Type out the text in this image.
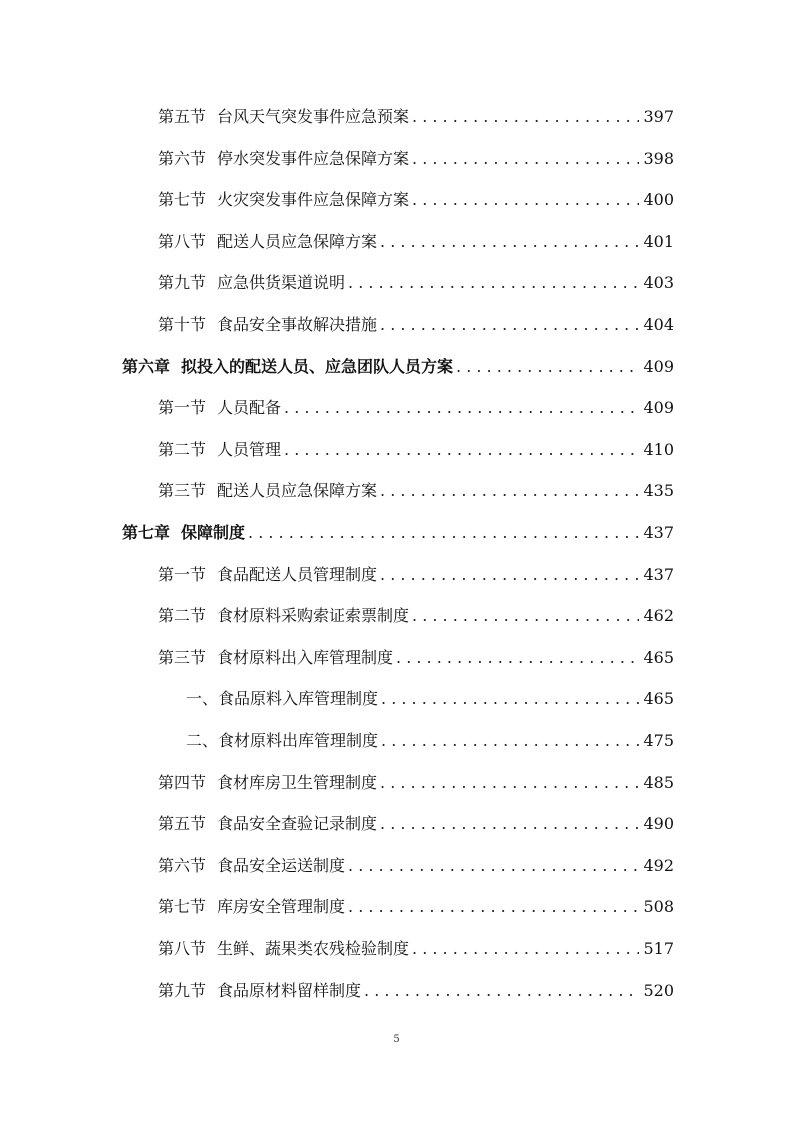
第五节 台风天气突发事件应急预案 . . .	397
第六节 停水突发事件应急保障方案 . . .	398
第七节 火灾突发事件应急保障方案 . . .	400
第八节 配送人员应急保障方案 . . .	401
第九节 应急供货渠道说明 . . .	403
第十节 食品安全事故解决措施 . . .	404
第六章 拟投入的配送人员、应急团队人员方案 . . .	409
第一节 人员配备 . . .	409
第二节 人员管理 . . .	410
第三节 配送人员应急保障方案 . . .	435
第七章 保障制度 . . .	437
第一节 食品配送人员管理制度 . . .	437
第二节 食材原料采购索证索票制度 . . .	462
第三节 食材原料出入库管理制度 . . .	465
一、食品原料入库管理制度 . . .	465
二、食材原料出库管理制度 . . .	475
第四节 食材库房卫生管理制度 . . .	485
第五节 食品安全查验记录制度 . . .	490
第六节 食品安全运送制度 . . .	492
第七节 库房安全管理制度 . . .	508
第八节 生鲜、蔬果类农残检验制度 . . .	517
第九节 食品原材料留样制度 . . .	520
5
